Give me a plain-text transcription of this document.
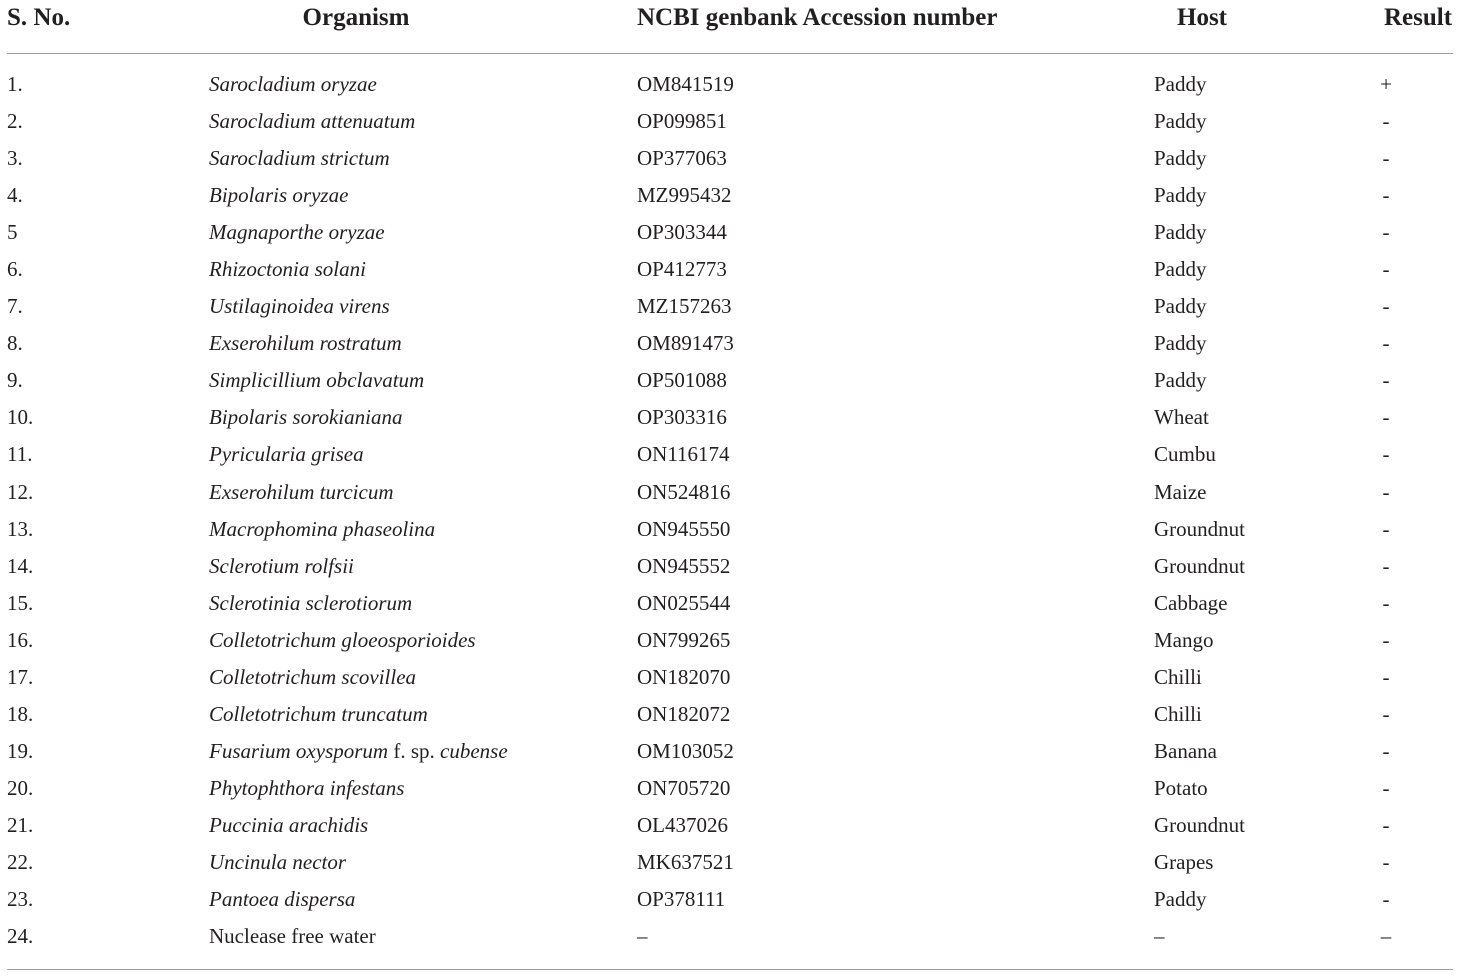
S. No.	Organism	NCBI genbank Accession number	Host	Result
1.	Sarocladium oryzae	OM841519	Paddy	+
2.	Sarocladium attenuatum	OP099851	Paddy	-
3.	Sarocladium strictum	OP377063	Paddy	-
4.	Bipolaris oryzae	MZ995432	Paddy	-
5	Magnaporthe oryzae	OP303344	Paddy	-
6.	Rhizoctonia solani	OP412773	Paddy	-
7.	Ustilaginoidea virens	MZ157263	Paddy	-
8.	Exserohilum rostratum	OM891473	Paddy	-
9.	Simplicillium obclavatum	OP501088	Paddy	-
10.	Bipolaris sorokianiana	OP303316	Wheat	-
11.	Pyricularia grisea	ON116174	Cumbu	-
12.	Exserohilum turcicum	ON524816	Maize	-
13.	Macrophomina phaseolina	ON945550	Groundnut	-
14.	Sclerotium rolfsii	ON945552	Groundnut	-
15.	Sclerotinia sclerotiorum	ON025544	Cabbage	-
16.	Colletotrichum gloeosporioides	ON799265	Mango	-
17.	Colletotrichum scovillea	ON182070	Chilli	-
18.	Colletotrichum truncatum	ON182072	Chilli	-
19.	Fusarium oxysporum f. sp. cubense	OM103052	Banana	-
20.	Phytophthora infestans	ON705720	Potato	-
21.	Puccinia arachidis	OL437026	Groundnut	-
22.	Uncinula nector	MK637521	Grapes	-
23.	Pantoea dispersa	OP378111	Paddy	-
24.	Nuclease free water	–	–	–
